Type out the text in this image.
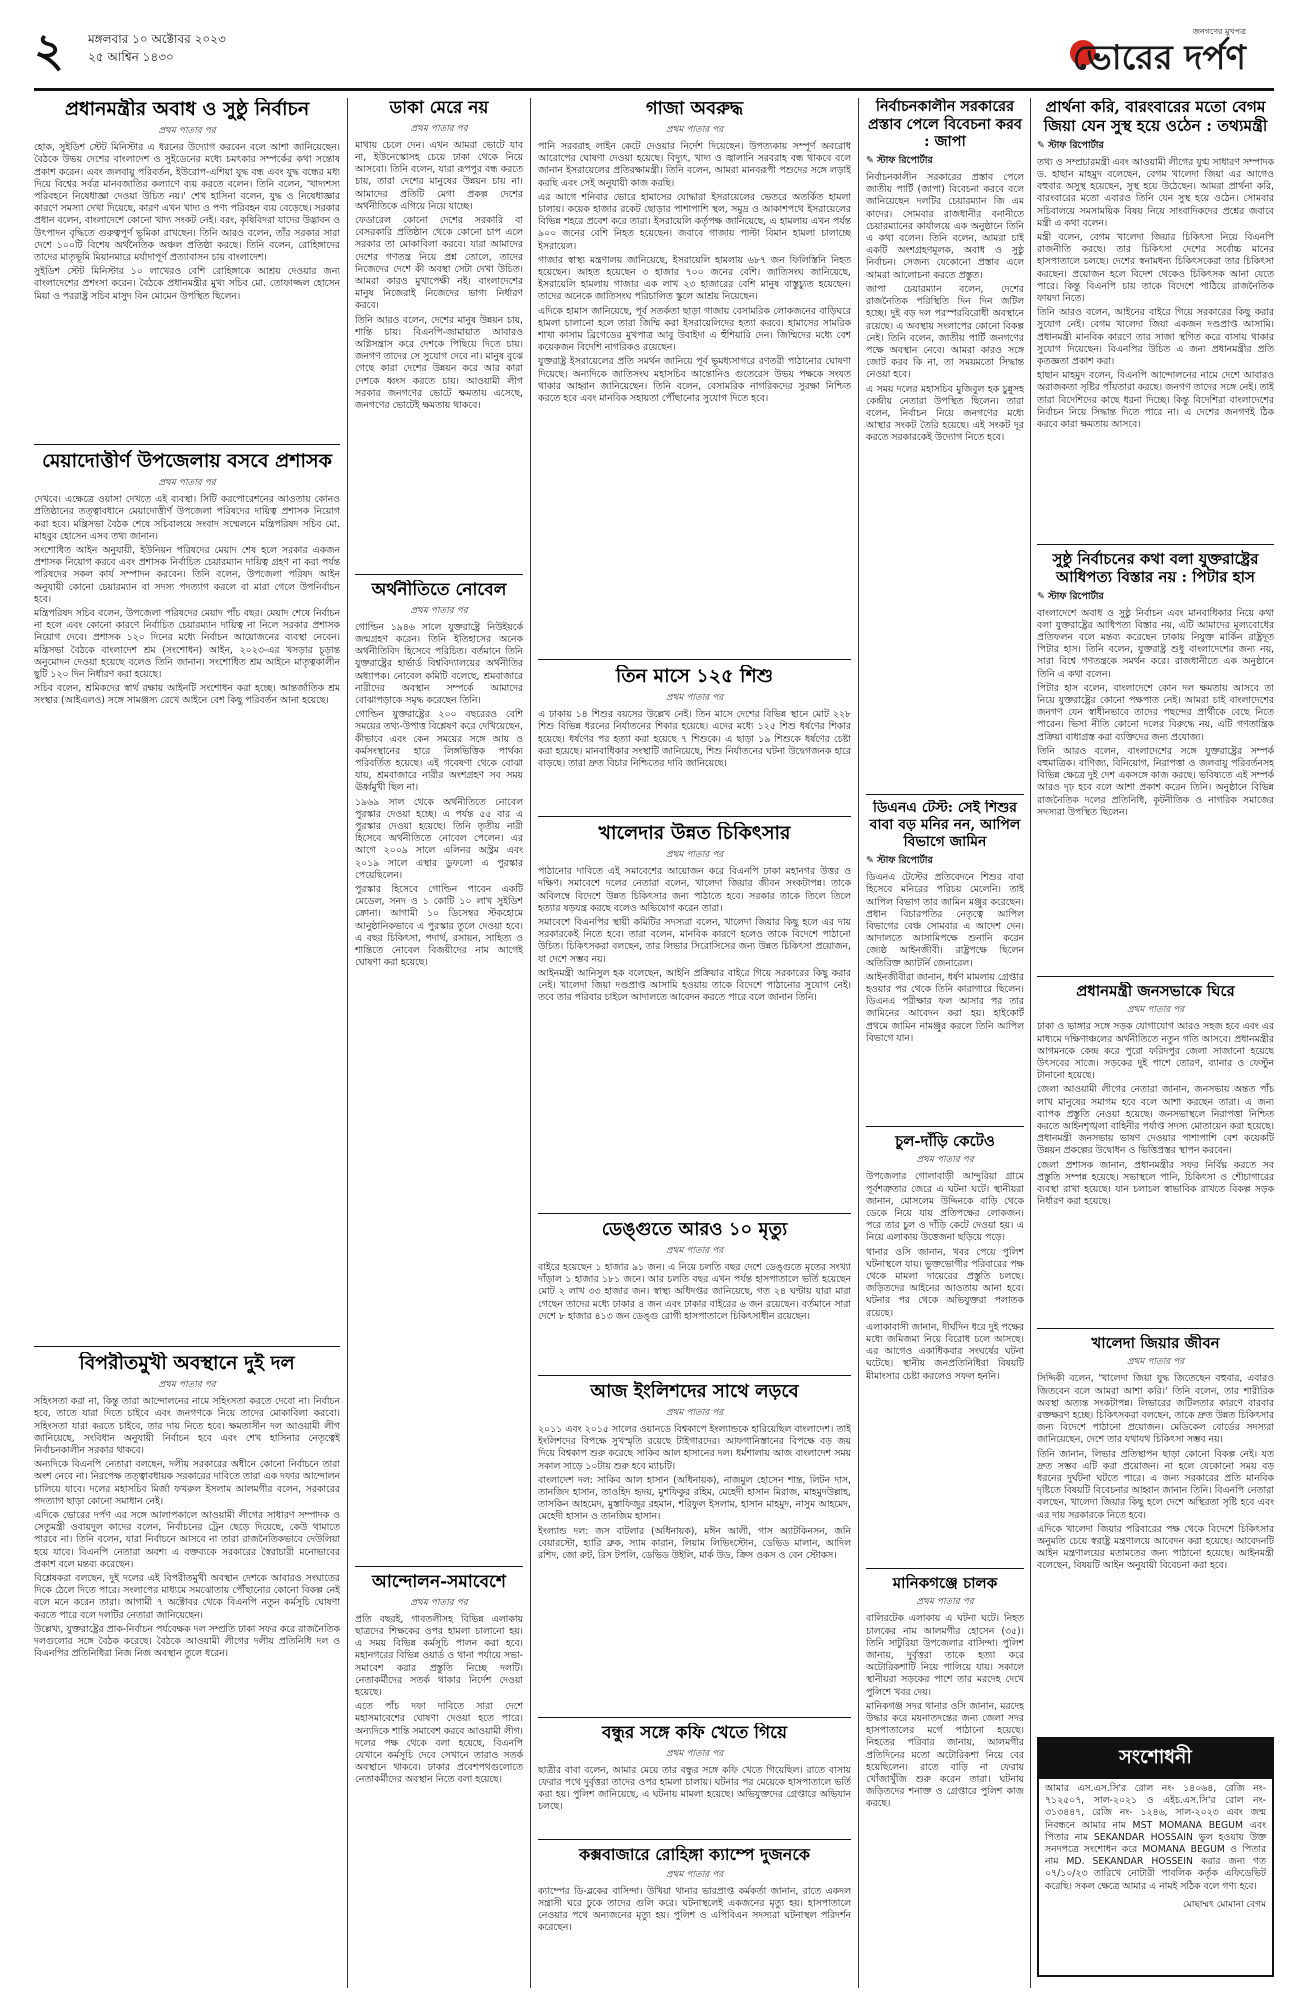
২ মঙ্গলবার ১০ অক্টোবর ২০২৩
২৫ আশ্বিন ১৪৩০
জনগণের মুখপত্র
ভোরের দর্পণ
প্রধানমন্ত্রীর অবাধ ও সুষ্ঠু নির্বাচন
প্রথম পাতার পর

হোক, সুইডিশ স্টেট মিনিস্টার এ ধরনের উদ্যোগ করবেন বলে আশা জানিয়েছেন। বৈঠকে উভয় দেশের বাংলাদেশ ও সুইডেনের মধ্যে চমৎকার সম্পর্কের কথা সন্তোষ প্রকাশ করেন। এবং জলবায়ু পরিবর্তন, ইউরোপ-এশিয়া যুদ্ধ বন্ধ এবং যুদ্ধ বন্ধের মধ্য দিয়ে বিশ্বের সর্বত্র মানবজাতির কল্যাণে ব্যয় করতে বলেন। তিনি বলেন, 'খাদ্যশস্য পরিবহনে নিষেধাজ্ঞা দেওয়া উচিত নয়।' শেখ হাসিনা বলেন, যুদ্ধ ও নিষেধাজ্ঞার কারণে সমস্যা দেখা দিয়েছে, কারণ এখন খাদ্য ও পণ্য পরিবহন ব্যয় বেড়েছে। সরকার প্রধান বলেন, বাংলাদেশে কোনো খাদ্য সংকট নেই। বরং, কৃষিবিদরা যাদের উদ্ভাবন ও উৎপাদন বৃদ্ধিতে গুরুত্বপূর্ণ ভূমিকা রাখছেন। তিনি আরও বলেন, তাঁর সরকার সারা দেশে ১০০টি বিশেষ অর্থনৈতিক অঞ্চল প্রতিষ্ঠা করছে। তিনি বলেন, রোহিঙ্গাদের তাদের মাতৃভূমি মিয়ানমারে মর্যাদাপূর্ণ প্রত্যাবাসন চায় বাংলাদেশ।

সুইডিশ স্টেট মিনিস্টার ১০ লাখেরও বেশি রোহিঙ্গাকে আশ্রয় দেওয়ার জন্য বাংলাদেশের প্রশংসা করেন। বৈঠকে প্রধানমন্ত্রীর মুখ্য সচিব মো. তোফাজ্জল হোসেন মিয়া ও পররাষ্ট্র সচিব মাসুদ বিন মোমেন উপস্থিত ছিলেন।

মেয়াদোত্তীর্ণ উপজেলায় বসবে প্রশাসক
প্রথম পাতার পর

দেখবে। এক্ষেত্রে ওয়াসা দেখতে এই ব্যবস্থা। সিটি করপোরেশনের আওতায় কোনও প্রতিষ্ঠানের তত্ত্বাবধানে মেয়াদোত্তীর্ণ উপজেলা পরিষদের দায়িত্ব প্রশাসক নিয়োগ করা হবে। মন্ত্রিসভা বৈঠক শেষে সচিবালয়ে সংবাদ সম্মেলনে মন্ত্রিপরিষদ সচিব মো. মাহবুব হোসেন এসব তথ্য জানান।

সংশোধিত আইন অনুযায়ী, ইউনিয়ন পরিষদের মেয়াদ শেষ হলে সরকার একজন প্রশাসক নিয়োগ করবে এবং প্রশাসক নির্বাচিত চেয়ারম্যান দায়িত্ব গ্রহণ না করা পর্যন্ত পরিষদের সকল কার্য সম্পাদন করবেন। তিনি বলেন, উপজেলা পরিষদ আইন অনুযায়ী কোনো চেয়ারম্যান বা সদস্য পদত্যাগ করলে বা মারা গেলে উপনির্বাচন হবে।

মন্ত্রিপরিষদ সচিব বলেন, উপজেলা পরিষদের মেয়াদ পাঁচ বছর। মেয়াদ শেষে নির্বাচন না হলে এবং কোনো কারণে নির্বাচিত চেয়ারম্যান দায়িত্ব না নিলে সরকার প্রশাসক নিয়োগ দেবে। প্রশাসক ১২০ দিনের মধ্যে নির্বাচন আয়োজনের ব্যবস্থা নেবেন। মন্ত্রিসভা বৈঠকে বাংলাদেশ শ্রম (সংশোধন) আইন, ২০২৩-এর খসড়ার চূড়ান্ত অনুমোদন দেওয়া হয়েছে বলেও তিনি জানান। সংশোধিত শ্রম আইনে মাতৃত্বকালীন ছুটি ১২০ দিন নির্ধারণ করা হয়েছে।

সচিব বলেন, শ্রমিকদের স্বার্থ রক্ষায় আইনটি সংশোধন করা হচ্ছে। আন্তর্জাতিক শ্রম সংস্থার (আইএলও) সঙ্গে সামঞ্জস্য রেখে আইনে বেশ কিছু পরিবর্তন আনা হয়েছে।

বিপরীতমুখী অবস্থানে দুই দল
প্রথম পাতার পর

সহিংসতা করা না, কিন্তু তারা আন্দোলনের নামে সহিংসতা করতে দেবো না। নির্বাচন হবে, তাতে যারা দিতে চাইবে এবং জনগণকে নিয়ে তাদের মোকাবিলা করবো। সহিংসতা যারা করতে চাইবে, তার দায় নিতে হবে। ক্ষমতাসীন দল আওয়ামী লীগ জানিয়েছে, সংবিধান অনুযায়ী নির্বাচন হবে এবং শেখ হাসিনার নেতৃত্বেই নির্বাচনকালীন সরকার থাকবে।

অন্যদিকে বিএনপি নেতারা বলছেন, দলীয় সরকারের অধীনে কোনো নির্বাচনে তারা অংশ নেবে না। নিরপেক্ষ তত্ত্বাবধায়ক সরকারের দাবিতে তারা এক দফার আন্দোলন চালিয়ে যাবে। দলের মহাসচিব মির্জা ফখরুল ইসলাম আলমগীর বলেন, সরকারের পদত্যাগ ছাড়া কোনো সমাধান নেই।

এদিকে ভোরের দর্পণ এর সঙ্গে আলাপকালে আওয়ামী লীগের সাধারণ সম্পাদক ও সেতুমন্ত্রী ওবায়দুল কাদের বলেন, নির্বাচনের ট্রেন ছেড়ে দিয়েছে, কেউ থামাতে পারবে না। তিনি বলেন, যারা নির্বাচনে আসবে না তারা রাজনৈতিকভাবে দেউলিয়া হয়ে যাবে। বিএনপি নেতারা অবশ্য এ বক্তব্যকে সরকারের স্বৈরাচারী মনোভাবের প্রকাশ বলে মন্তব্য করেছেন।

বিশ্লেষকরা বলছেন, দুই দলের এই বিপরীতমুখী অবস্থান দেশকে আবারও সংঘাতের দিকে ঠেলে দিতে পারে। সংলাপের মাধ্যমে সমঝোতায় পৌঁছানোর কোনো বিকল্প নেই বলে মনে করেন তারা। আগামী ৭ অক্টোবর থেকে বিএনপি নতুন কর্মসূচি ঘোষণা করতে পারে বলে দলটির নেতারা জানিয়েছেন।

উল্লেখ্য, যুক্তরাষ্ট্রের প্রাক-নির্বাচন পর্যবেক্ষক দল সম্প্রতি ঢাকা সফর করে রাজনৈতিক দলগুলোর সঙ্গে বৈঠক করেছে। বৈঠকে আওয়ামী লীগের দলীয় প্রতিনিধি দল ও বিএনপির প্রতিনিধিরা নিজ নিজ অবস্থান তুলে ধরেন।

ডাকা মেরে নয়
প্রথম পাতার পর

মাথায় চেলে দেন। এখন আমরা ভোটে যাব না, ইউনেস্কোসহ চেয়ে ঢাকা থেকে নিয়ে আসবো। তিনি বলেন, যারা রূপপুর বন্ধ করতে চায়, তারা দেশের মানুষের উন্নয়ন চায় না। আমাদের প্রতিটি মেগা প্রকল্প দেশের অর্থনীতিকে এগিয়ে নিয়ে যাচ্ছে।

ফেডারেল কোনো দেশের সরকারি বা বেসরকারি প্রতিষ্ঠান থেকে কোনো চাপ এলে সরকার তা মোকাবিলা করবে। যারা আমাদের দেশের গণতন্ত্র নিয়ে প্রশ্ন তোলে, তাদের নিজেদের দেশে কী অবস্থা সেটা দেখা উচিত। আমরা কারও মুখাপেক্ষী নই। বাংলাদেশের মানুষ নিজেরাই নিজেদের ভাগ্য নির্ধারণ করবে।

তিনি আরও বলেন, দেশের মানুষ উন্নয়ন চায়, শান্তি চায়। বিএনপি-জামায়াত আবারও অগ্নিসন্ত্রাস করে দেশকে পিছিয়ে দিতে চায়। জনগণ তাদের সে সুযোগ দেবে না। মানুষ বুঝে গেছে কারা দেশের উন্নয়ন করে আর কারা দেশকে ধ্বংস করতে চায়। আওয়ামী লীগ সরকার জনগণের ভোটে ক্ষমতায় এসেছে, জনগণের ভোটেই ক্ষমতায় থাকবে।

অর্থনীতিতে নোবেল
প্রথম পাতার পর

গোল্ডিন ১৯৪৬ সালে যুক্তরাষ্ট্রে নিউইয়র্কে জন্মগ্রহণ করেন। তিনি ইতিহাসের অনেক অর্থনীতিবিদ হিসেবে পরিচিত। বর্তমানে তিনি যুক্তরাষ্ট্রের হার্ভার্ড বিশ্ববিদ্যালয়ের অর্থনীতির অধ্যাপক। নোবেল কমিটি বলেছে, শ্রমবাজারে নারীদের অবস্থান সম্পর্কে আমাদের বোঝাপড়াকে সমৃদ্ধ করেছেন তিনি।

গোল্ডিন যুক্তরাষ্ট্রের ২০০ বছরেরও বেশি সময়ের তথ্য-উপাত্ত বিশ্লেষণ করে দেখিয়েছেন, কীভাবে এবং কেন সময়ের সঙ্গে আয় ও কর্মসংস্থানের হারে লিঙ্গভিত্তিক পার্থক্য পরিবর্তিত হয়েছে। এই গবেষণা থেকে বোঝা যায়, শ্রমবাজারে নারীর অংশগ্রহণ সব সময় ঊর্ধ্বমুখী ছিল না।

১৯৬৯ সাল থেকে অর্থনীতিতে নোবেল পুরস্কার দেওয়া হচ্ছে। এ পর্যন্ত ৫৫ বার এ পুরস্কার দেওয়া হয়েছে। তিনি তৃতীয় নারী হিসেবে অর্থনীতিতে নোবেল পেলেন। এর আগে ২০০৯ সালে এলিনর অস্ট্রম এবং ২০১৯ সালে এস্থার ডুফলো এ পুরস্কার পেয়েছিলেন।

পুরস্কার হিসেবে গোল্ডিন পাবেন একটি মেডেল, সনদ ও ১ কোটি ১০ লাখ সুইডিশ ক্রোনা। আগামী ১০ ডিসেম্বর স্টকহোমে আনুষ্ঠানিকভাবে এ পুরস্কার তুলে দেওয়া হবে। এ বছর চিকিৎসা, পদার্থ, রসায়ন, সাহিত্য ও শান্তিতে নোবেল বিজয়ীদের নাম আগেই ঘোষণা করা হয়েছে।

আন্দোলন-সমাবেশে
প্রথম পাতার পর

প্রতি বছরই, গাবতলীসহ বিভিন্ন এলাকায় ছাত্রদের শিক্ষকের ওপর হামলা চালানো হয়। এ সময় বিভিন্ন কর্মসূচি পালন করা হবে। মহানগরের বিভিন্ন ওয়ার্ড ও থানা পর্যায়ে সভা-সমাবেশ করার প্রস্তুতি নিচ্ছে দলটি। নেতাকর্মীদের সতর্ক থাকার নির্দেশ দেওয়া হয়েছে।

এতে পাঁচ দফা দাবিতে সারা দেশে মহাসমাবেশের ঘোষণা দেওয়া হতে পারে। অন্যদিকে শান্তি সমাবেশ করবে আওয়ামী লীগ। দলের পক্ষ থেকে বলা হয়েছে, বিএনপি যেখানে কর্মসূচি দেবে সেখানে তারাও সতর্ক অবস্থানে থাকবে। ঢাকার প্রবেশপথগুলোতে নেতাকর্মীদের অবস্থান নিতে বলা হয়েছে।

গাজা অবরুদ্ধ
প্রথম পাতার পর

পানি সরবরাহ লাইন কেটে দেওয়ার নির্দেশ দিয়েছেন। উপত্যকায় সম্পূর্ণ অবরোধ আরোপের ঘোষণা দেওয়া হয়েছে। বিদ্যুৎ, খাদ্য ও জ্বালানি সরবরাহ বন্ধ থাকবে বলে জানান ইসরায়েলের প্রতিরক্ষামন্ত্রী। তিনি বলেন, আমরা মানবরূপী পশুদের সঙ্গে লড়াই করছি এবং সেই অনুযায়ী কাজ করছি।

এর আগে শনিবার ভোরে হামাসের যোদ্ধারা ইসরায়েলের ভেতরে অতর্কিত হামলা চালায়। কয়েক হাজার রকেট ছোড়ার পাশাপাশি স্থল, সমুদ্র ও আকাশপথে ইসরায়েলের বিভিন্ন শহরে প্রবেশ করে তারা। ইসরায়েলি কর্তৃপক্ষ জানিয়েছে, এ হামলায় এখন পর্যন্ত ৯০০ জনের বেশি নিহত হয়েছেন। জবাবে গাজায় পাল্টা বিমান হামলা চালাচ্ছে ইসরায়েল।

গাজার স্বাস্থ্য মন্ত্রণালয় জানিয়েছে, ইসরায়েলি হামলায় ৬৮৭ জন ফিলিস্তিনি নিহত হয়েছেন। আহত হয়েছেন ৩ হাজার ৭০০ জনের বেশি। জাতিসংঘ জানিয়েছে, ইসরায়েলি হামলায় গাজার এক লাখ ২৩ হাজারের বেশি মানুষ বাস্তুচ্যুত হয়েছেন। তাদের অনেকে জাতিসংঘ পরিচালিত স্কুলে আশ্রয় নিয়েছেন।

এদিকে হামাস জানিয়েছে, পূর্ব সতর্কতা ছাড়া গাজায় বেসামরিক লোকজনের বাড়িঘরে হামলা চালানো হলে তারা জিম্মি করা ইসরায়েলিদের হত্যা করবে। হামাসের সামরিক শাখা কাসাম ব্রিগেডের মুখপাত্র আবু উবাইদা এ হুঁশিয়ারি দেন। জিম্মিদের মধ্যে বেশ কয়েকজন বিদেশি নাগরিকও রয়েছেন।

যুক্তরাষ্ট্র ইসরায়েলের প্রতি সমর্থন জানিয়ে পূর্ব ভূমধ্যসাগরে রণতরী পাঠানোর ঘোষণা দিয়েছে। অন্যদিকে জাতিসংঘ মহাসচিব আন্তোনিও গুতেরেস উভয় পক্ষকে সংযত থাকার আহ্বান জানিয়েছেন। তিনি বলেন, বেসামরিক নাগরিকদের সুরক্ষা নিশ্চিত করতে হবে এবং মানবিক সহায়তা পৌঁছানোর সুযোগ দিতে হবে।

তিন মাসে ১২৫ শিশু
প্রথম পাতার পর

এ ঢাকায় ১৪ শিশুর বয়সের উল্লেখ নেই। তিন মাসে দেশের বিভিন্ন স্থানে মোট ২২৮ শিশু বিভিন্ন ধরনের নির্যাতনের শিকার হয়েছে। এদের মধ্যে ১২৫ শিশু ধর্ষণের শিকার হয়েছে। ধর্ষণের পর হত্যা করা হয়েছে ৭ শিশুকে। এ ছাড়া ১৯ শিশুকে ধর্ষণের চেষ্টা করা হয়েছে। মানবাধিকার সংস্থাটি জানিয়েছে, শিশু নির্যাতনের ঘটনা উদ্বেগজনক হারে বাড়ছে। তারা দ্রুত বিচার নিশ্চিতের দাবি জানিয়েছে।

খালেদার উন্নত চিকিৎসার
প্রথম পাতার পর

পাঠানোর দাবিতে এই সমাবেশের আয়োজন করে বিএনপি ঢাকা মহানগর উত্তর ও দক্ষিণ। সমাবেশে দলের নেতারা বলেন, খালেদা জিয়ার জীবন সংকটাপন্ন। তাকে অবিলম্বে বিদেশে উন্নত চিকিৎসার জন্য পাঠাতে হবে। সরকার তাকে তিলে তিলে হত্যার ষড়যন্ত্র করছে বলেও অভিযোগ করেন তারা।

সমাবেশে বিএনপির স্থায়ী কমিটির সদস্যরা বলেন, খালেদা জিয়ার কিছু হলে এর দায় সরকারকেই নিতে হবে। তারা বলেন, মানবিক কারণে হলেও তাকে বিদেশে পাঠানো উচিত। চিকিৎসকরা বলছেন, তার লিভার সিরোসিসের জন্য উন্নত চিকিৎসা প্রয়োজন, যা দেশে সম্ভব নয়।

আইনমন্ত্রী আনিসুল হক বলেছেন, আইনি প্রক্রিয়ার বাইরে গিয়ে সরকারের কিছু করার নেই। খালেদা জিয়া দণ্ডপ্রাপ্ত আসামি হওয়ায় তাকে বিদেশে পাঠানোর সুযোগ নেই। তবে তার পরিবার চাইলে আদালতে আবেদন করতে পারে বলে জানান তিনি।

ডেঙ্গুতে আরও ১০ মৃত্যু
প্রথম পাতার পর

বাইরে হয়েছেন ১ হাজার ৯১ জন। এ নিয়ে চলতি বছর দেশে ডেঙ্গুতে মৃতের সংখ্যা দাঁড়াল ১ হাজার ১৮১ জনে। আর চলতি বছর এখন পর্যন্ত হাসপাতালে ভর্তি হয়েছেন মোট ২ লাখ ৩৩ হাজার জন। স্বাস্থ্য অধিদপ্তর জানিয়েছে, গত ২৪ ঘণ্টায় যারা মারা গেছেন তাদের মধ্যে ঢাকার ৪ জন এবং ঢাকার বাইরের ৬ জন রয়েছেন। বর্তমানে সারা দেশে ৮ হাজার ৪১৩ জন ডেঙ্গু রোগী হাসপাতালে চিকিৎসাধীন রয়েছেন।

আজ ইংলিশদের সাথে লড়বে
প্রথম পাতার পর

২০১১ এবং ২০১৫ সালের ওয়ানডে বিশ্বকাপে ইংল্যান্ডকে হারিয়েছিল বাংলাদেশ। তাই ইংলিশদের বিপক্ষে সুখস্মৃতি রয়েছে টাইগারদের। আফগানিস্তানের বিপক্ষে বড় জয় দিয়ে বিশ্বকাপ শুরু করেছে সাকিব আল হাসানের দল। ধর্মশালায় আজ বাংলাদেশ সময় সকাল সাড়ে ১০টায় শুরু হবে ম্যাচটি।

বাংলাদেশ দল: সাকিব আল হাসান (অধিনায়ক), নাজমুল হোসেন শান্ত, লিটন দাস, তানজিদ হাসান, তাওহিদ হৃদয়, মুশফিকুর রহিম, মেহেদী হাসান মিরাজ, মাহমুদউল্লাহ, তাসকিন আহমেদ, মুস্তাফিজুর রহমান, শরিফুল ইসলাম, হাসান মাহমুদ, নাসুম আহমেদ, মেহেদী হাসান ও তানজিম হাসান।

ইংল্যান্ড দল: জস বাটলার (অধিনায়ক), মঈন আলী, গাস অ্যাটকিনসন, জনি বেয়ারস্টো, হ্যারি ব্রুক, স্যাম কারান, লিয়াম লিভিংস্টোন, ডেভিড মালান, আদিল রশিদ, জো রুট, রিস টপলি, ডেভিড উইলি, মার্ক উড, ক্রিস ওকস ও বেন স্টোকস।

বন্ধুর সঙ্গে কফি খেতে গিয়ে
প্রথম পাতার পর

ছাত্রীর বাবা বলেন, আমার মেয়ে তার বন্ধুর সঙ্গে কফি খেতে গিয়েছিল। রাতে বাসায় ফেরার পথে দুর্বৃত্তরা তাদের ওপর হামলা চালায়। ঘটনার পর মেয়েকে হাসপাতালে ভর্তি করা হয়। পুলিশ জানিয়েছে, এ ঘটনায় মামলা হয়েছে। অভিযুক্তদের গ্রেপ্তারে অভিযান চলছে।

কক্সবাজারে রোহিঙ্গা ক্যাম্পে দুজনকে
প্রথম পাতার পর

ক্যাম্পের ডি-ব্লকের বাসিন্দা। উখিয়া থানার ভারপ্রাপ্ত কর্মকর্তা জানান, রাতে একদল সন্ত্রাসী ঘরে ঢুকে তাদের গুলি করে। ঘটনাস্থলেই একজনের মৃত্যু হয়। হাসপাতালে নেওয়ার পথে অন্যজনের মৃত্যু হয়। পুলিশ ও এপিবিএন সদস্যরা ঘটনাস্থল পরিদর্শন করেছেন।

নির্বাচনকালীন সরকারের প্রস্তাব পেলে বিবেচনা করব : জাপা
✎ স্টাফ রিপোর্টার

নির্বাচনকালীন সরকারের প্রস্তাব পেলে জাতীয় পার্টি (জাপা) বিবেচনা করবে বলে জানিয়েছেন দলটির চেয়ারম্যান জি এম কাদের। সোমবার রাজধানীর বনানীতে চেয়ারম্যানের কার্যালয়ে এক অনুষ্ঠানে তিনি এ কথা বলেন। তিনি বলেন, আমরা চাই একটি অংশগ্রহণমূলক, অবাধ ও সুষ্ঠু নির্বাচন। সেজন্য যেকোনো প্রস্তাব এলে আমরা আলোচনা করতে প্রস্তুত।

জাপা চেয়ারম্যান বলেন, দেশের রাজনৈতিক পরিস্থিতি দিন দিন জটিল হচ্ছে। দুই বড় দল পরস্পরবিরোধী অবস্থানে রয়েছে। এ অবস্থায় সংলাপের কোনো বিকল্প নেই। তিনি বলেন, জাতীয় পার্টি জনগণের পক্ষে অবস্থান নেবে। আমরা কারও সঙ্গে জোট করব কি না, তা সময়মতো সিদ্ধান্ত নেওয়া হবে।

এ সময় দলের মহাসচিব মুজিবুল হক চুন্নুসহ কেন্দ্রীয় নেতারা উপস্থিত ছিলেন। তারা বলেন, নির্বাচন নিয়ে জনগণের মধ্যে আস্থার সংকট তৈরি হয়েছে। এই সংকট দূর করতে সরকারকেই উদ্যোগ নিতে হবে।

ডিএনএ টেস্ট: সেই শিশুর বাবা বড় মনির নন, আপিল বিভাগে জামিন
✎ স্টাফ রিপোর্টার

ডিএনএ টেস্টের প্রতিবেদনে শিশুর বাবা হিসেবে মনিরের পরিচয় মেলেনি। তাই আপিল বিভাগ তার জামিন মঞ্জুর করেছেন। প্রধান বিচারপতির নেতৃত্বে আপিল বিভাগের বেঞ্চ সোমবার এ আদেশ দেন। আদালতে আসামিপক্ষে শুনানি করেন জ্যেষ্ঠ আইনজীবী। রাষ্ট্রপক্ষে ছিলেন অতিরিক্ত অ্যাটর্নি জেনারেল।

আইনজীবীরা জানান, ধর্ষণ মামলায় গ্রেপ্তার হওয়ার পর থেকে তিনি কারাগারে ছিলেন। ডিএনএ পরীক্ষার ফল আসার পর তার জামিনের আবেদন করা হয়। হাইকোর্ট প্রথমে জামিন নামঞ্জুর করলে তিনি আপিল বিভাগে যান।

চুল-দাঁড়ি কেটেও
প্রথম পাতার পর

উপজেলার গোলাবাড়ী আন্দুরিয়া গ্রামে পূর্বশত্রুতার জেরে এ ঘটনা ঘটে। স্থানীয়রা জানান, মোসলেম উদ্দিনকে বাড়ি থেকে ডেকে নিয়ে যায় প্রতিপক্ষের লোকজন। পরে তার চুল ও দাঁড়ি কেটে দেওয়া হয়। এ নিয়ে এলাকায় উত্তেজনা ছড়িয়ে পড়ে।

থানার ওসি জানান, খবর পেয়ে পুলিশ ঘটনাস্থলে যায়। ভুক্তভোগীর পরিবারের পক্ষ থেকে মামলা দায়েরের প্রস্তুতি চলছে। জড়িতদের আইনের আওতায় আনা হবে। ঘটনার পর থেকে অভিযুক্তরা পলাতক রয়েছে।

এলাকাবাসী জানান, দীর্ঘদিন ধরে দুই পক্ষের মধ্যে জমিজমা নিয়ে বিরোধ চলে আসছে। এর আগেও একাধিকবার সংঘর্ষের ঘটনা ঘটেছে। স্থানীয় জনপ্রতিনিধিরা বিষয়টি মীমাংসার চেষ্টা করলেও সফল হননি।

মানিকগঞ্জে চালক
প্রথম পাতার পর

বালিরটেক এলাকায় এ ঘটনা ঘটে। নিহত চালকের নাম আলমগীর হোসেন (৩৫)। তিনি সাটুরিয়া উপজেলার বাসিন্দা। পুলিশ জানায়, দুর্বৃত্তরা তাকে হত্যা করে অটোরিকশাটি নিয়ে পালিয়ে যায়। সকালে স্থানীয়রা সড়কের পাশে তার মরদেহ দেখে পুলিশে খবর দেয়।

মানিকগঞ্জ সদর থানার ওসি জানান, মরদেহ উদ্ধার করে ময়নাতদন্তের জন্য জেলা সদর হাসপাতালের মর্গে পাঠানো হয়েছে। নিহতের পরিবার জানায়, আলমগীর প্রতিদিনের মতো অটোরিকশা নিয়ে বের হয়েছিলেন। রাতে বাড়ি না ফেরায় খোঁজাখুঁজি শুরু করেন তারা। ঘটনায় জড়িতদের শনাক্ত ও গ্রেপ্তারে পুলিশ কাজ করছে।

প্রার্থনা করি, বারংবারের মতো বেগম জিয়া যেন সুস্থ হয়ে ওঠেন : তথ্যমন্ত্রী
✎ স্টাফ রিপোর্টার

তথ্য ও সম্প্রচারমন্ত্রী এবং আওয়ামী লীগের যুগ্ম সাধারণ সম্পাদক ড. হাছান মাহমুদ বলেছেন, বেগম খালেদা জিয়া এর আগেও বহুবার অসুস্থ হয়েছেন, সুস্থ হয়ে উঠেছেন। আমরা প্রার্থনা করি, বারংবারের মতো এবারও তিনি যেন সুস্থ হয়ে ওঠেন। সোমবার সচিবালয়ে সমসাময়িক বিষয় নিয়ে সাংবাদিকদের প্রশ্নের জবাবে মন্ত্রী এ কথা বলেন।

মন্ত্রী বলেন, বেগম খালেদা জিয়ার চিকিৎসা নিয়ে বিএনপি রাজনীতি করছে। তার চিকিৎসা দেশের সর্বোচ্চ মানের হাসপাতালে চলছে। দেশের স্বনামধন্য চিকিৎসকেরা তার চিকিৎসা করছেন। প্রয়োজন হলে বিদেশ থেকেও চিকিৎসক আনা যেতে পারে। কিন্তু বিএনপি চায় তাকে বিদেশে পাঠিয়ে রাজনৈতিক ফায়দা নিতে।

তিনি আরও বলেন, আইনের বাইরে গিয়ে সরকারের কিছু করার সুযোগ নেই। বেগম খালেদা জিয়া একজন দণ্ডপ্রাপ্ত আসামি। প্রধানমন্ত্রী মানবিক কারণে তার সাজা স্থগিত করে বাসায় থাকার সুযোগ দিয়েছেন। বিএনপির উচিত এ জন্য প্রধানমন্ত্রীর প্রতি কৃতজ্ঞতা প্রকাশ করা।

হাছান মাহমুদ বলেন, বিএনপি আন্দোলনের নামে দেশে আবারও অরাজকতা সৃষ্টির পাঁয়তারা করছে। জনগণ তাদের সঙ্গে নেই। তাই তারা বিদেশিদের কাছে ধরনা দিচ্ছে। কিন্তু বিদেশিরা বাংলাদেশের নির্বাচন নিয়ে সিদ্ধান্ত দিতে পারে না। এ দেশের জনগণই ঠিক করবে কারা ক্ষমতায় আসবে।

সুষ্ঠু নির্বাচনের কথা বলা যুক্তরাষ্ট্রের আধিপত্য বিস্তার নয় : পিটার হাস
✎ স্টাফ রিপোর্টার

বাংলাদেশে অবাধ ও সুষ্ঠু নির্বাচন এবং মানবাধিকার নিয়ে কথা বলা যুক্তরাষ্ট্রের আধিপত্য বিস্তার নয়, এটি আমাদের মূল্যবোধের প্রতিফলন বলে মন্তব্য করেছেন ঢাকায় নিযুক্ত মার্কিন রাষ্ট্রদূত পিটার হাস। তিনি বলেন, যুক্তরাষ্ট্র শুধু বাংলাদেশের জন্য নয়, সারা বিশ্বে গণতন্ত্রকে সমর্থন করে। রাজধানীতে এক অনুষ্ঠানে তিনি এ কথা বলেন।

পিটার হাস বলেন, বাংলাদেশে কোন দল ক্ষমতায় আসবে তা নিয়ে যুক্তরাষ্ট্রের কোনো পক্ষপাত নেই। আমরা চাই বাংলাদেশের জনগণ যেন স্বাধীনভাবে তাদের পছন্দের প্রার্থীকে বেছে নিতে পারেন। ভিসা নীতি কোনো দলের বিরুদ্ধে নয়, এটি গণতান্ত্রিক প্রক্রিয়া বাধাগ্রস্ত করা ব্যক্তিদের জন্য প্রযোজ্য।

তিনি আরও বলেন, বাংলাদেশের সঙ্গে যুক্তরাষ্ট্রের সম্পর্ক বহুমাত্রিক। বাণিজ্য, বিনিয়োগ, নিরাপত্তা ও জলবায়ু পরিবর্তনসহ বিভিন্ন ক্ষেত্রে দুই দেশ একসঙ্গে কাজ করছে। ভবিষ্যতে এই সম্পর্ক আরও দৃঢ় হবে বলে আশা প্রকাশ করেন তিনি। অনুষ্ঠানে বিভিন্ন রাজনৈতিক দলের প্রতিনিধি, কূটনীতিক ও নাগরিক সমাজের সদস্যরা উপস্থিত ছিলেন।

প্রধানমন্ত্রী জনসভাকে ঘিরে
প্রথম পাতার পর

ঢাকা ও ভাঙ্গার সঙ্গে সড়ক যোগাযোগ আরও সহজ হবে এবং এর মাধ্যমে দক্ষিণাঞ্চলের অর্থনীতিতে নতুন গতি আসবে। প্রধানমন্ত্রীর আগমনকে কেন্দ্র করে পুরো ফরিদপুর জেলা সাজানো হয়েছে উৎসবের সাজে। সড়কের দুই পাশে তোরণ, ব্যানার ও ফেস্টুন টানানো হয়েছে।

জেলা আওয়ামী লীগের নেতারা জানান, জনসভায় অন্তত পাঁচ লাখ মানুষের সমাগম হবে বলে আশা করছেন তারা। এ জন্য ব্যাপক প্রস্তুতি নেওয়া হয়েছে। জনসভাস্থলে নিরাপত্তা নিশ্চিত করতে আইনশৃঙ্খলা বাহিনীর পর্যাপ্ত সদস্য মোতায়েন করা হয়েছে। প্রধানমন্ত্রী জনসভায় ভাষণ দেওয়ার পাশাপাশি বেশ কয়েকটি উন্নয়ন প্রকল্পের উদ্বোধন ও ভিত্তিপ্রস্তর স্থাপন করবেন।

জেলা প্রশাসক জানান, প্রধানমন্ত্রীর সফর নির্বিঘ্ন করতে সব প্রস্তুতি সম্পন্ন হয়েছে। সভাস্থলে পানি, চিকিৎসা ও শৌচাগারের ব্যবস্থা রাখা হয়েছে। যান চলাচল স্বাভাবিক রাখতে বিকল্প সড়ক নির্ধারণ করা হয়েছে।

খালেদা জিয়ার জীবন
প্রথম পাতার পর

সিদ্দিকী বলেন, 'খালেদা জিয়া যুদ্ধ জিতেছেন বহুবার, এবারও জিতবেন বলে আমরা আশা করি।' তিনি বলেন, তার শারীরিক অবস্থা অত্যন্ত সংকটাপন্ন। লিভারের জটিলতার কারণে বারবার রক্তক্ষরণ হচ্ছে। চিকিৎসকরা বলছেন, তাকে দ্রুত উন্নত চিকিৎসার জন্য বিদেশে পাঠানো প্রয়োজন। মেডিকেল বোর্ডের সদস্যরা জানিয়েছেন, দেশে তার যথাযথ চিকিৎসা সম্ভব নয়।

তিনি জানান, লিভার প্রতিস্থাপন ছাড়া কোনো বিকল্প নেই। যত দ্রুত সম্ভব এটি করা প্রয়োজন। না হলে যেকোনো সময় বড় ধরনের দুর্ঘটনা ঘটতে পারে। এ জন্য সরকারের প্রতি মানবিক দৃষ্টিতে বিষয়টি বিবেচনার আহ্বান জানান তিনি। বিএনপি নেতারা বলছেন, খালেদা জিয়ার কিছু হলে দেশে অস্থিরতা সৃষ্টি হবে এবং এর দায় সরকারকে নিতে হবে।

এদিকে খালেদা জিয়ার পরিবারের পক্ষ থেকে বিদেশে চিকিৎসার অনুমতি চেয়ে স্বরাষ্ট্র মন্ত্রণালয়ে আবেদন করা হয়েছে। আবেদনটি আইন মন্ত্রণালয়ের মতামতের জন্য পাঠানো হয়েছে। আইনমন্ত্রী বলেছেন, বিষয়টি আইন অনুযায়ী বিবেচনা করা হবে।

সংশোধনী

আমার এস.এস.সি'র রোল নং- ১৪০৬৪, রেজি নং- ৭১২৫০৭, সাল-২০২১ ও এইচ.এস.সি'র রোল নং- ৩১৩৪৪৭, রেজি নং- ১২৪৬, সাল-২০২৩ এবং জন্ম নিবন্ধনে আমার নাম MST MOMANA BEGUM এবং পিতার নাম SEKANDAR HOSSAIN ভুল হওয়ায় উক্ত সনদপত্রে সংশোধন করে MOMANA BEGUM ও পিতার নাম MD. SEKANDAR HOSSEIN করার জন্য গত ০৭/১০/২৩ তারিখে নোটারী পাবলিক কর্তৃক এফিডেভিট করেছি। সকল ক্ষেত্রে আমার এ নামই সঠিক বলে গণ্য হবে।

মোছাম্মৎ মোমানা বেগম
